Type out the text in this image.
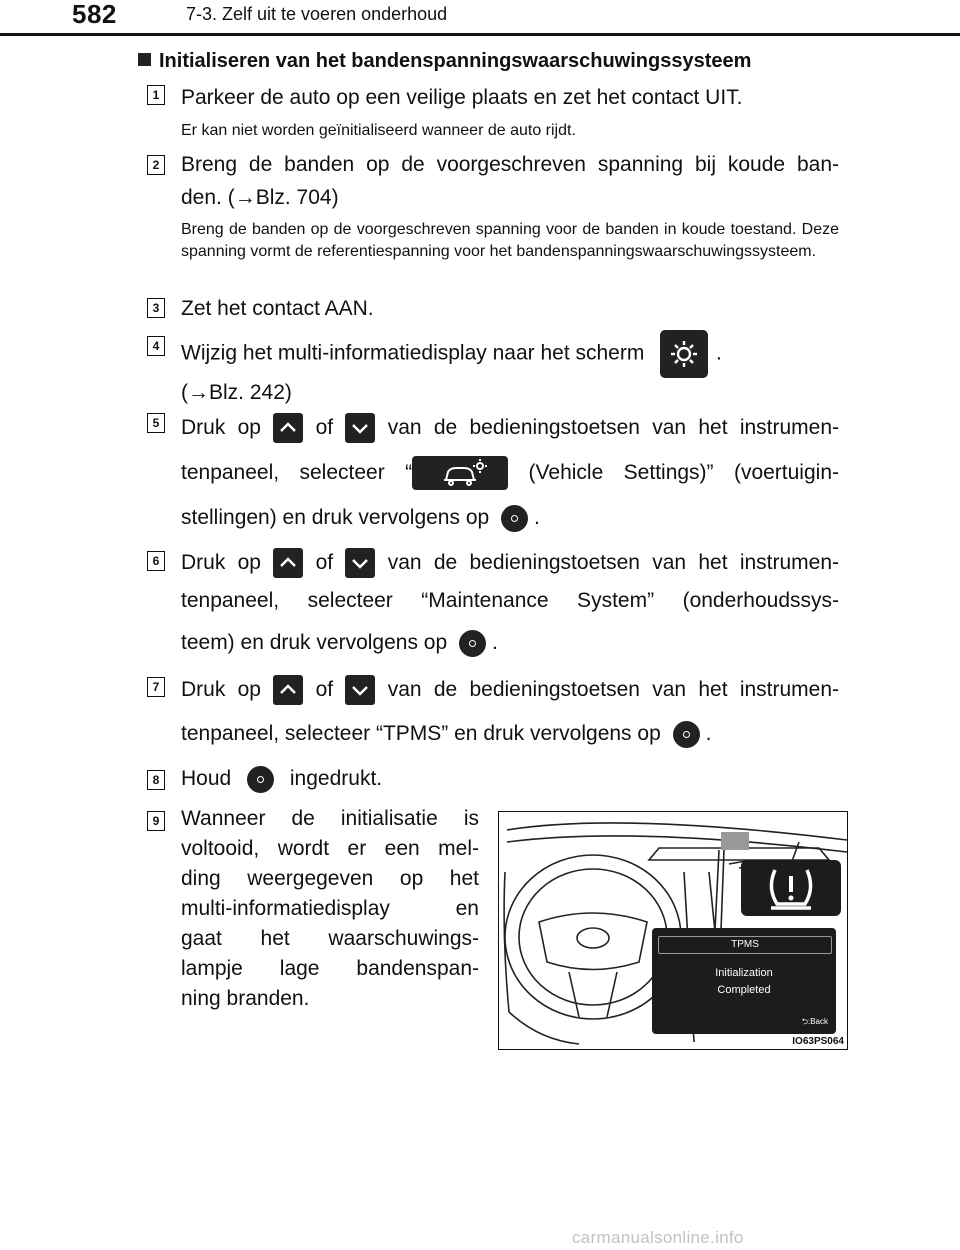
582	7-3. Zelf uit te voeren onderhoud
Initialiseren van het bandenspanningswaarschuwingssysteem
1 Parkeer de auto op een veilige plaats en zet het contact UIT.
Er kan niet worden geïnitialiseerd wanneer de auto rijdt.
2 Breng de banden op de voorgeschreven spanning bij koude ban-
den. (→Blz. 704)
Breng de banden op de voorgeschreven spanning voor de banden in koude toestand. Deze spanning vormt de referentiespanning voor het bandenspanningswaarschuwingssysteem.
3 Zet het contact AAN.
4 Wijzig het multi-informatiedisplay naar het scherm	.
(→Blz. 242)
5 Druk op	of	van de bedieningstoetsen van het instrumen-
tenpaneel, selecteer “	(Vehicle Settings)” (voertuigin-
stellingen) en druk vervolgens op .
6 Druk op	of	van de bedieningstoetsen van het instrumen-
tenpaneel, selecteer “Maintenance System” (onderhoudssys-
teem) en druk vervolgens op .
7 Druk op	of	van de bedieningstoetsen van het instrumen-
tenpaneel, selecteer “TPMS” en druk vervolgens op .
8 Houd	ingedrukt.
9 Wanneer de initialisatie is
voltooid, wordt er een mel-
ding weergegeven op het
multi-informatiedisplay en
gaat het waarschuwings-
lampje lage bandenspan-
ning branden.
TPMS
Initialization
Completed
⮌:Back
IO63PS064
carmanualsonline.info
